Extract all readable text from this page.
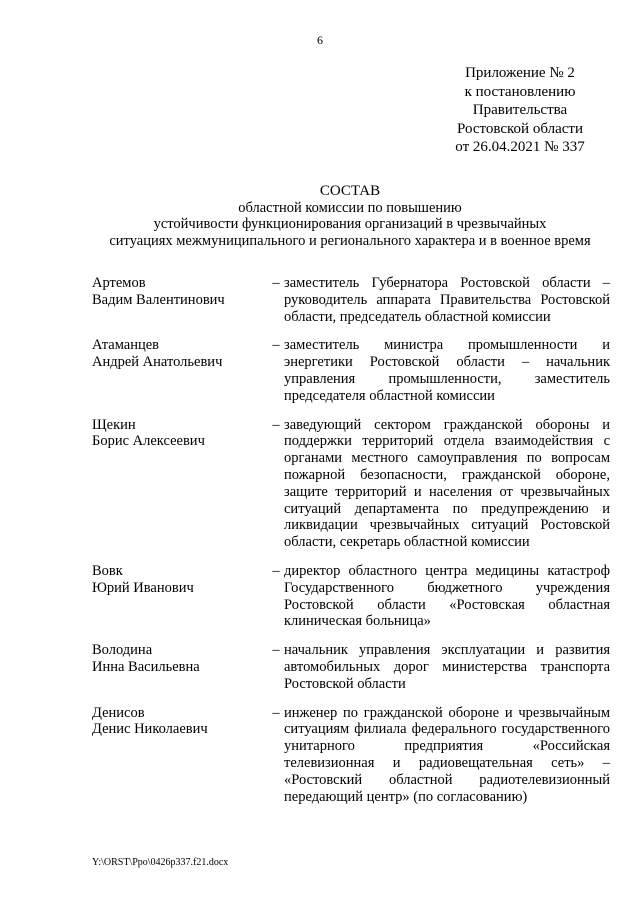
6
Приложение № 2
к постановлению
Правительства
Ростовской области
от 26.04.2021 № 337
СОСТАВ
областной комиссии по повышению
устойчивости функционирования организаций в чрезвычайных
ситуациях межмуниципального и регионального характера и в военное время
Артемов
Вадим Валентинович
– заместитель Губернатора Ростовской области – руководитель аппарата Правительства Ростовской области, председатель областной комиссии
Атаманцев
Андрей Анатольевич
– заместитель министра промышленности и энергетики Ростовской области – начальник управления промышленности, заместитель председателя областной комиссии
Щекин
Борис Алексеевич
– заведующий сектором гражданской обороны и поддержки территорий отдела взаимодействия с органами местного самоуправления по вопросам пожарной безопасности, гражданской обороне, защите территорий и населения от чрезвычайных ситуаций департамента по предупреждению и ликвидации чрезвычайных ситуаций Ростовской области, секретарь областной комиссии
Вовк
Юрий Иванович
– директор областного центра медицины катастроф Государственного бюджетного учреждения Ростовской области «Ростовская областная клиническая больница»
Володина
Инна Васильевна
– начальник управления эксплуатации и развития автомобильных дорог министерства транспорта Ростовской области
Денисов
Денис Николаевич
– инженер по гражданской обороне и чрезвычайным ситуациям филиала федерального государственного унитарного предприятия «Российская телевизионная и радиовещательная сеть» – «Ростовский областной радиотелевизионный передающий центр» (по согласованию)
Y:\ORST\Ppo\0426p337.f21.docx
